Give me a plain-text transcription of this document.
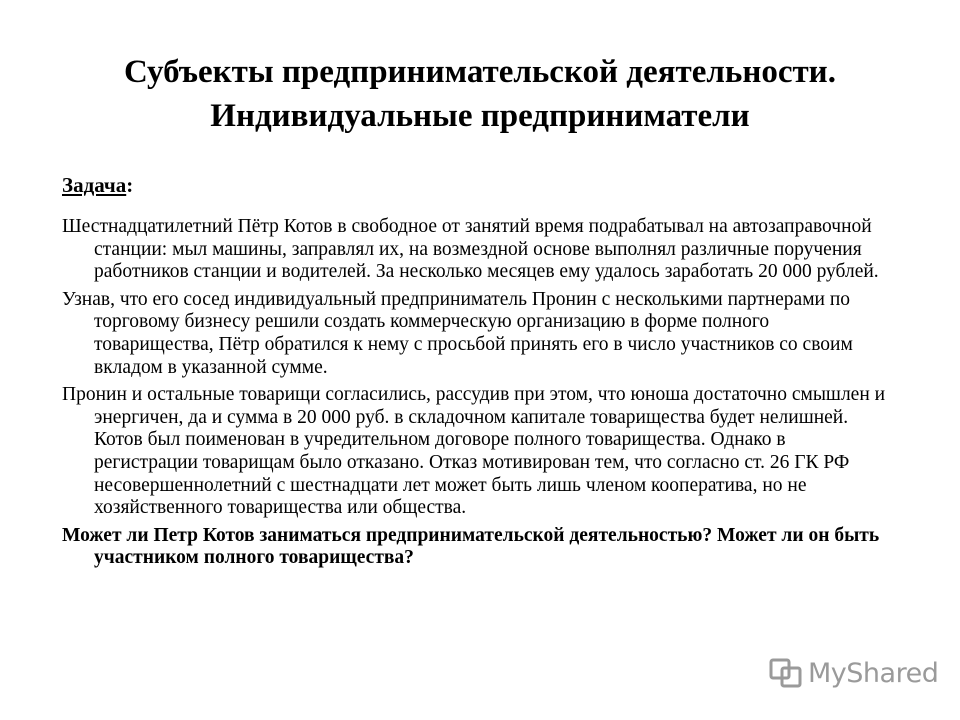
Субъекты предпринимательской деятельности.
Индивидуальные предприниматели

Задача:

Шестнадцатилетний Пётр Котов в свободное от занятий время подрабатывал на автозаправочной станции: мыл машины, заправлял их, на возмездной основе выполнял различные поручения работников станции и водителей. За несколько месяцев ему удалось заработать 20 000 рублей.

Узнав, что его сосед индивидуальный предприниматель Пронин с несколькими партнерами по торговому бизнесу решили создать коммерческую организацию в форме полного товарищества, Пётр обратился к нему с просьбой принять его в число участников со своим вкладом в указанной сумме.

Пронин и остальные товарищи согласились, рассудив при этом, что юноша достаточно смышлен и энергичен, да и сумма в 20 000 руб. в складочном капитале товарищества будет нелишней. Котов был поименован в учредительном договоре полного товарищества. Однако в регистрации товарищам было отказано. Отказ мотивирован тем, что согласно ст. 26 ГК РФ несовершеннолетний с шестнадцати лет может быть лишь членом кооператива, но не хозяйственного товарищества или общества.

Может ли Петр Котов заниматься предпринимательской деятельностью? Может ли он быть участником полного товарищества?

MyShared
